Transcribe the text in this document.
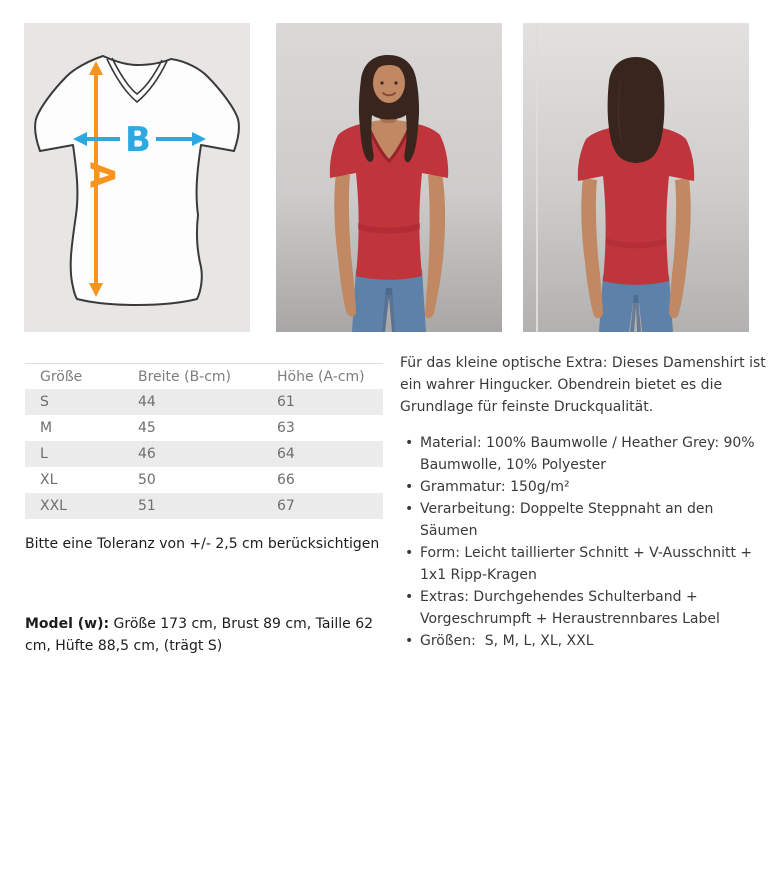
B
A
Größe	Breite (B-cm)	Höhe (A-cm)
S	44	61
M	45	63
L	46	64
XL	50	66
XXL	51	67
Bitte eine Toleranz von +/- 2,5 cm berücksichtigen
Model (w): Größe 173 cm, Brust 89 cm, Taille 62 cm, Hüfte 88,5 cm, (trägt S)

Für das kleine optische Extra: Dieses Damenshirt ist ein wahrer Hingucker. Obendrein bietet es die Grundlage für feinste Druckqualität.

• Material: 100% Baumwolle / Heather Grey: 90% Baumwolle, 10% Polyester
• Grammatur: 150g/m²
• Verarbeitung: Doppelte Steppnaht an den Säumen
• Form: Leicht taillierter Schnitt + V-Ausschnitt + 1x1 Ripp-Kragen
• Extras: Durchgehendes Schulterband + Vorgeschrumpft + Heraustrennbares Label
• Größen:  S, M, L, XL, XXL
